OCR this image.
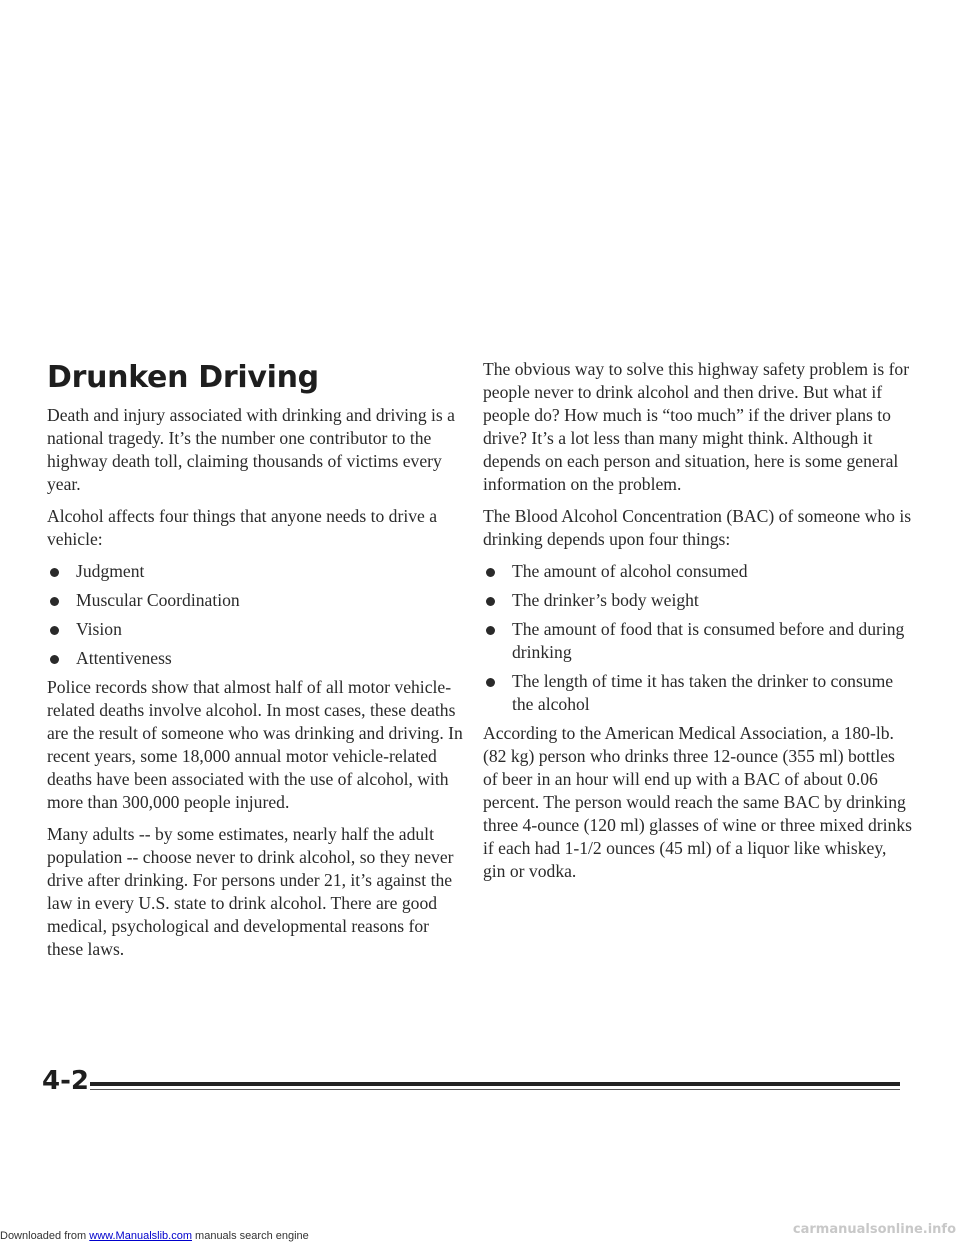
Drunken Driving

Death and injury associated with drinking and driving is a national tragedy. It’s the number one contributor to the highway death toll, claiming thousands of victims every year.

Alcohol affects four things that anyone needs to drive a vehicle:

Judgment
Muscular Coordination
Vision
Attentiveness

Police records show that almost half of all motor vehicle-related deaths involve alcohol. In most cases, these deaths are the result of someone who was drinking and driving. In recent years, some 18,000 annual motor vehicle-related deaths have been associated with the use of alcohol, with more than 300,000 people injured.

Many adults -- by some estimates, nearly half the adult population -- choose never to drink alcohol, so they never drive after drinking. For persons under 21, it’s against the law in every U.S. state to drink alcohol. There are good medical, psychological and developmental reasons for these laws.

The obvious way to solve this highway safety problem is for people never to drink alcohol and then drive. But what if people do? How much is “too much” if the driver plans to drive? It’s a lot less than many might think. Although it depends on each person and situation, here is some general information on the problem.

The Blood Alcohol Concentration (BAC) of someone who is drinking depends upon four things:

The amount of alcohol consumed
The drinker’s body weight
The amount of food that is consumed before and during drinking
The length of time it has taken the drinker to consume the alcohol

According to the American Medical Association, a 180-lb. (82 kg) person who drinks three 12-ounce (355 ml) bottles of beer in an hour will end up with a BAC of about 0.06 percent. The person would reach the same BAC by drinking three 4-ounce (120 ml) glasses of wine or three mixed drinks if each had 1-1/2 ounces (45 ml) of a liquor like whiskey, gin or vodka.

4-2
Downloaded from www.Manualslib.com manuals search engine	carmanualsonline.info
